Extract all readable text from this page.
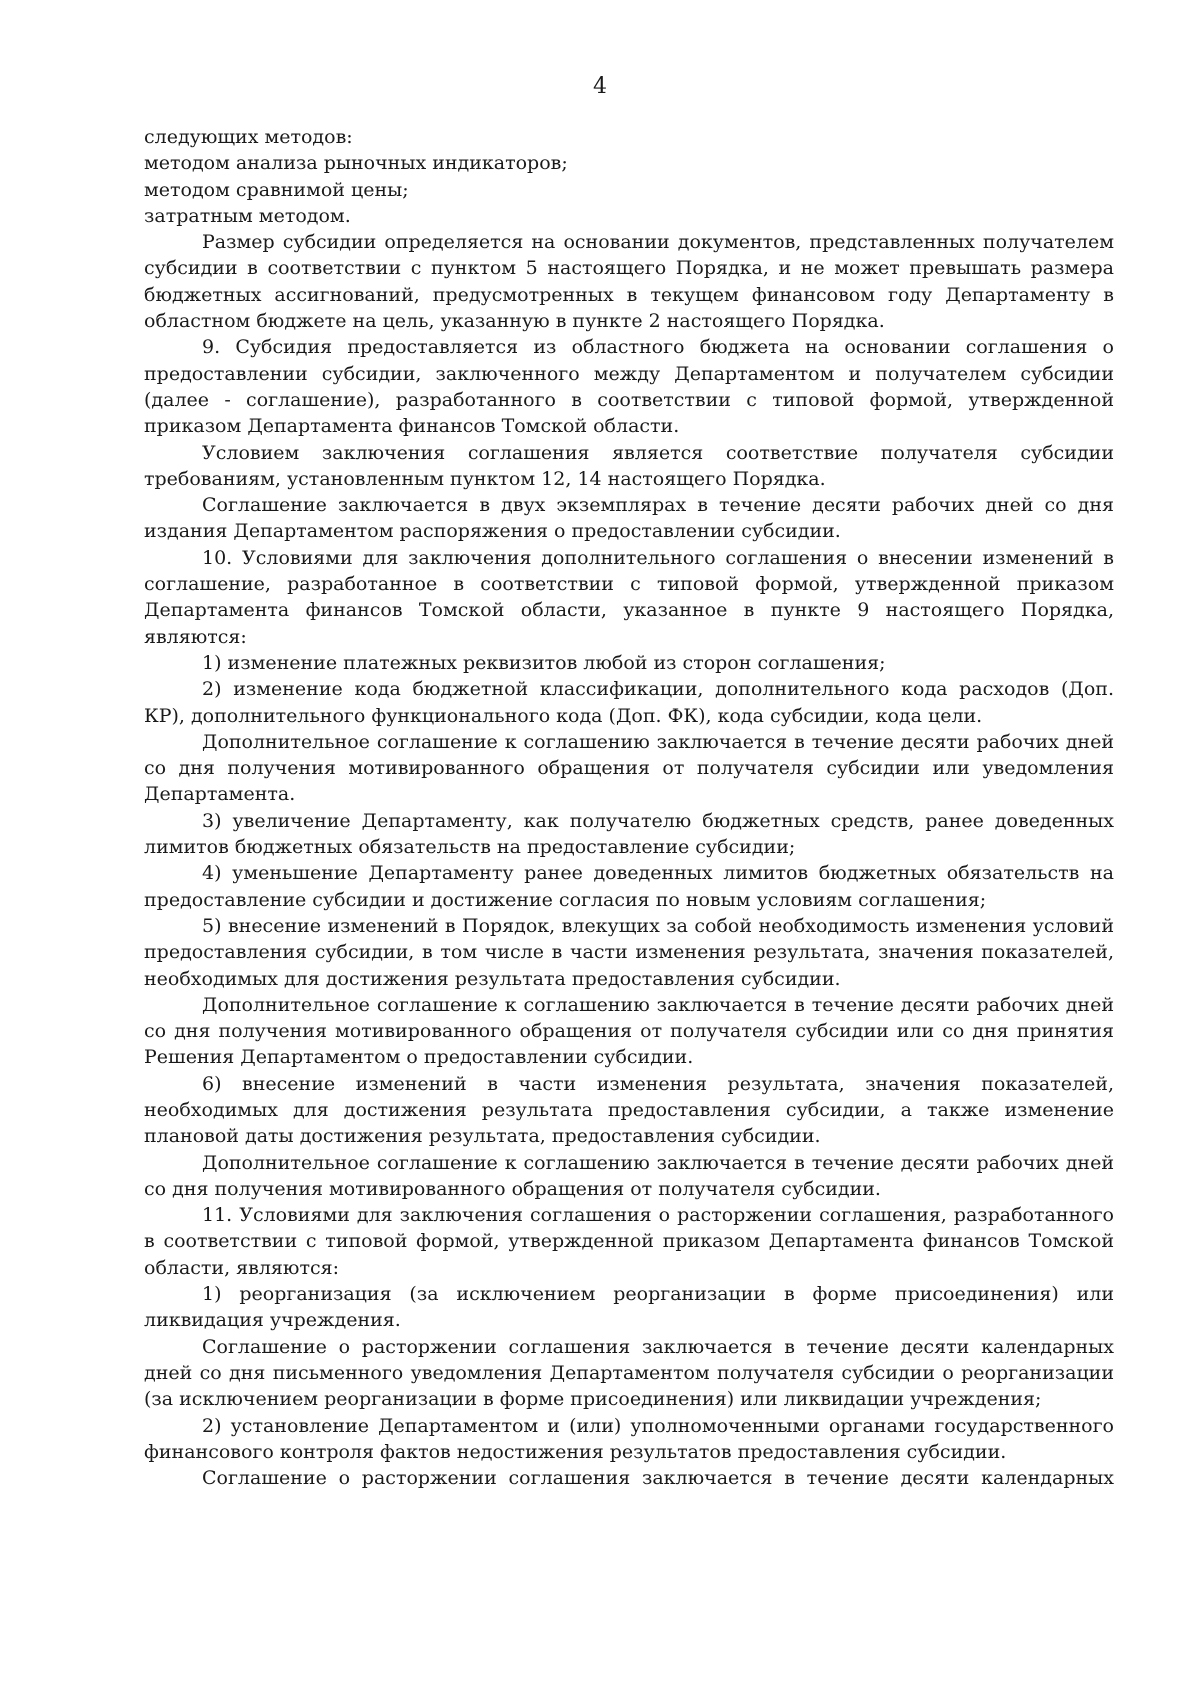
4

следующих методов:

методом анализа рыночных индикаторов;

методом сравнимой цены;

затратным методом.

Размер субсидии определяется на основании документов, представленных получателем субсидии в соответствии с пунктом 5 настоящего Порядка, и не может превышать размера бюджетных ассигнований, предусмотренных в текущем финансовом году Департаменту в областном бюджете на цель, указанную в пункте 2 настоящего Порядка.

9. Субсидия предоставляется из областного бюджета на основании соглашения о предоставлении субсидии, заключенного между Департаментом и получателем субсидии (далее - соглашение), разработанного в соответствии с типовой формой, утвержденной приказом Департамента финансов Томской области.

Условием заключения соглашения является соответствие получателя субсидии требованиям, установленным пунктом 12, 14 настоящего Порядка.

Соглашение заключается в двух экземплярах в течение десяти рабочих дней со дня издания Департаментом распоряжения о предоставлении субсидии.

10. Условиями для заключения дополнительного соглашения о внесении изменений в соглашение, разработанное в соответствии с типовой формой, утвержденной приказом Департамента финансов Томской области, указанное в пункте 9 настоящего Порядка, являются:

1) изменение платежных реквизитов любой из сторон соглашения;

2) изменение кода бюджетной классификации, дополнительного кода расходов (Доп. КР), дополнительного функционального кода (Доп. ФК), кода субсидии, кода цели.

Дополнительное соглашение к соглашению заключается в течение десяти рабочих дней со дня получения мотивированного обращения от получателя субсидии или уведомления Департамента.

3) увеличение Департаменту, как получателю бюджетных средств, ранее доведенных лимитов бюджетных обязательств на предоставление субсидии;

4) уменьшение Департаменту ранее доведенных лимитов бюджетных обязательств на предоставление субсидии и достижение согласия по новым условиям соглашения;

5) внесение изменений в Порядок, влекущих за собой необходимость изменения условий предоставления субсидии, в том числе в части изменения результата, значения показателей, необходимых для достижения результата предоставления субсидии.

Дополнительное соглашение к соглашению заключается в течение десяти рабочих дней со дня получения мотивированного обращения от получателя субсидии или со дня принятия Решения Департаментом о предоставлении субсидии.

6) внесение изменений в части изменения результата, значения показателей, необходимых для достижения результата предоставления субсидии, а также изменение плановой даты достижения результата, предоставления субсидии.

Дополнительное соглашение к соглашению заключается в течение десяти рабочих дней со дня получения мотивированного обращения от получателя субсидии.

11. Условиями для заключения соглашения о расторжении соглашения, разработанного в соответствии с типовой формой, утвержденной приказом Департамента финансов Томской области, являются:

1) реорганизация (за исключением реорганизации в форме присоединения) или ликвидация учреждения.

Соглашение о расторжении соглашения заключается в течение десяти календарных дней со дня письменного уведомления Департаментом получателя субсидии о реорганизации (за исключением реорганизации в форме присоединения) или ликвидации учреждения;

2) установление Департаментом и (или) уполномоченными органами государственного финансового контроля фактов недостижения результатов предоставления субсидии.

Соглашение о расторжении соглашения заключается в течение десяти календарных
